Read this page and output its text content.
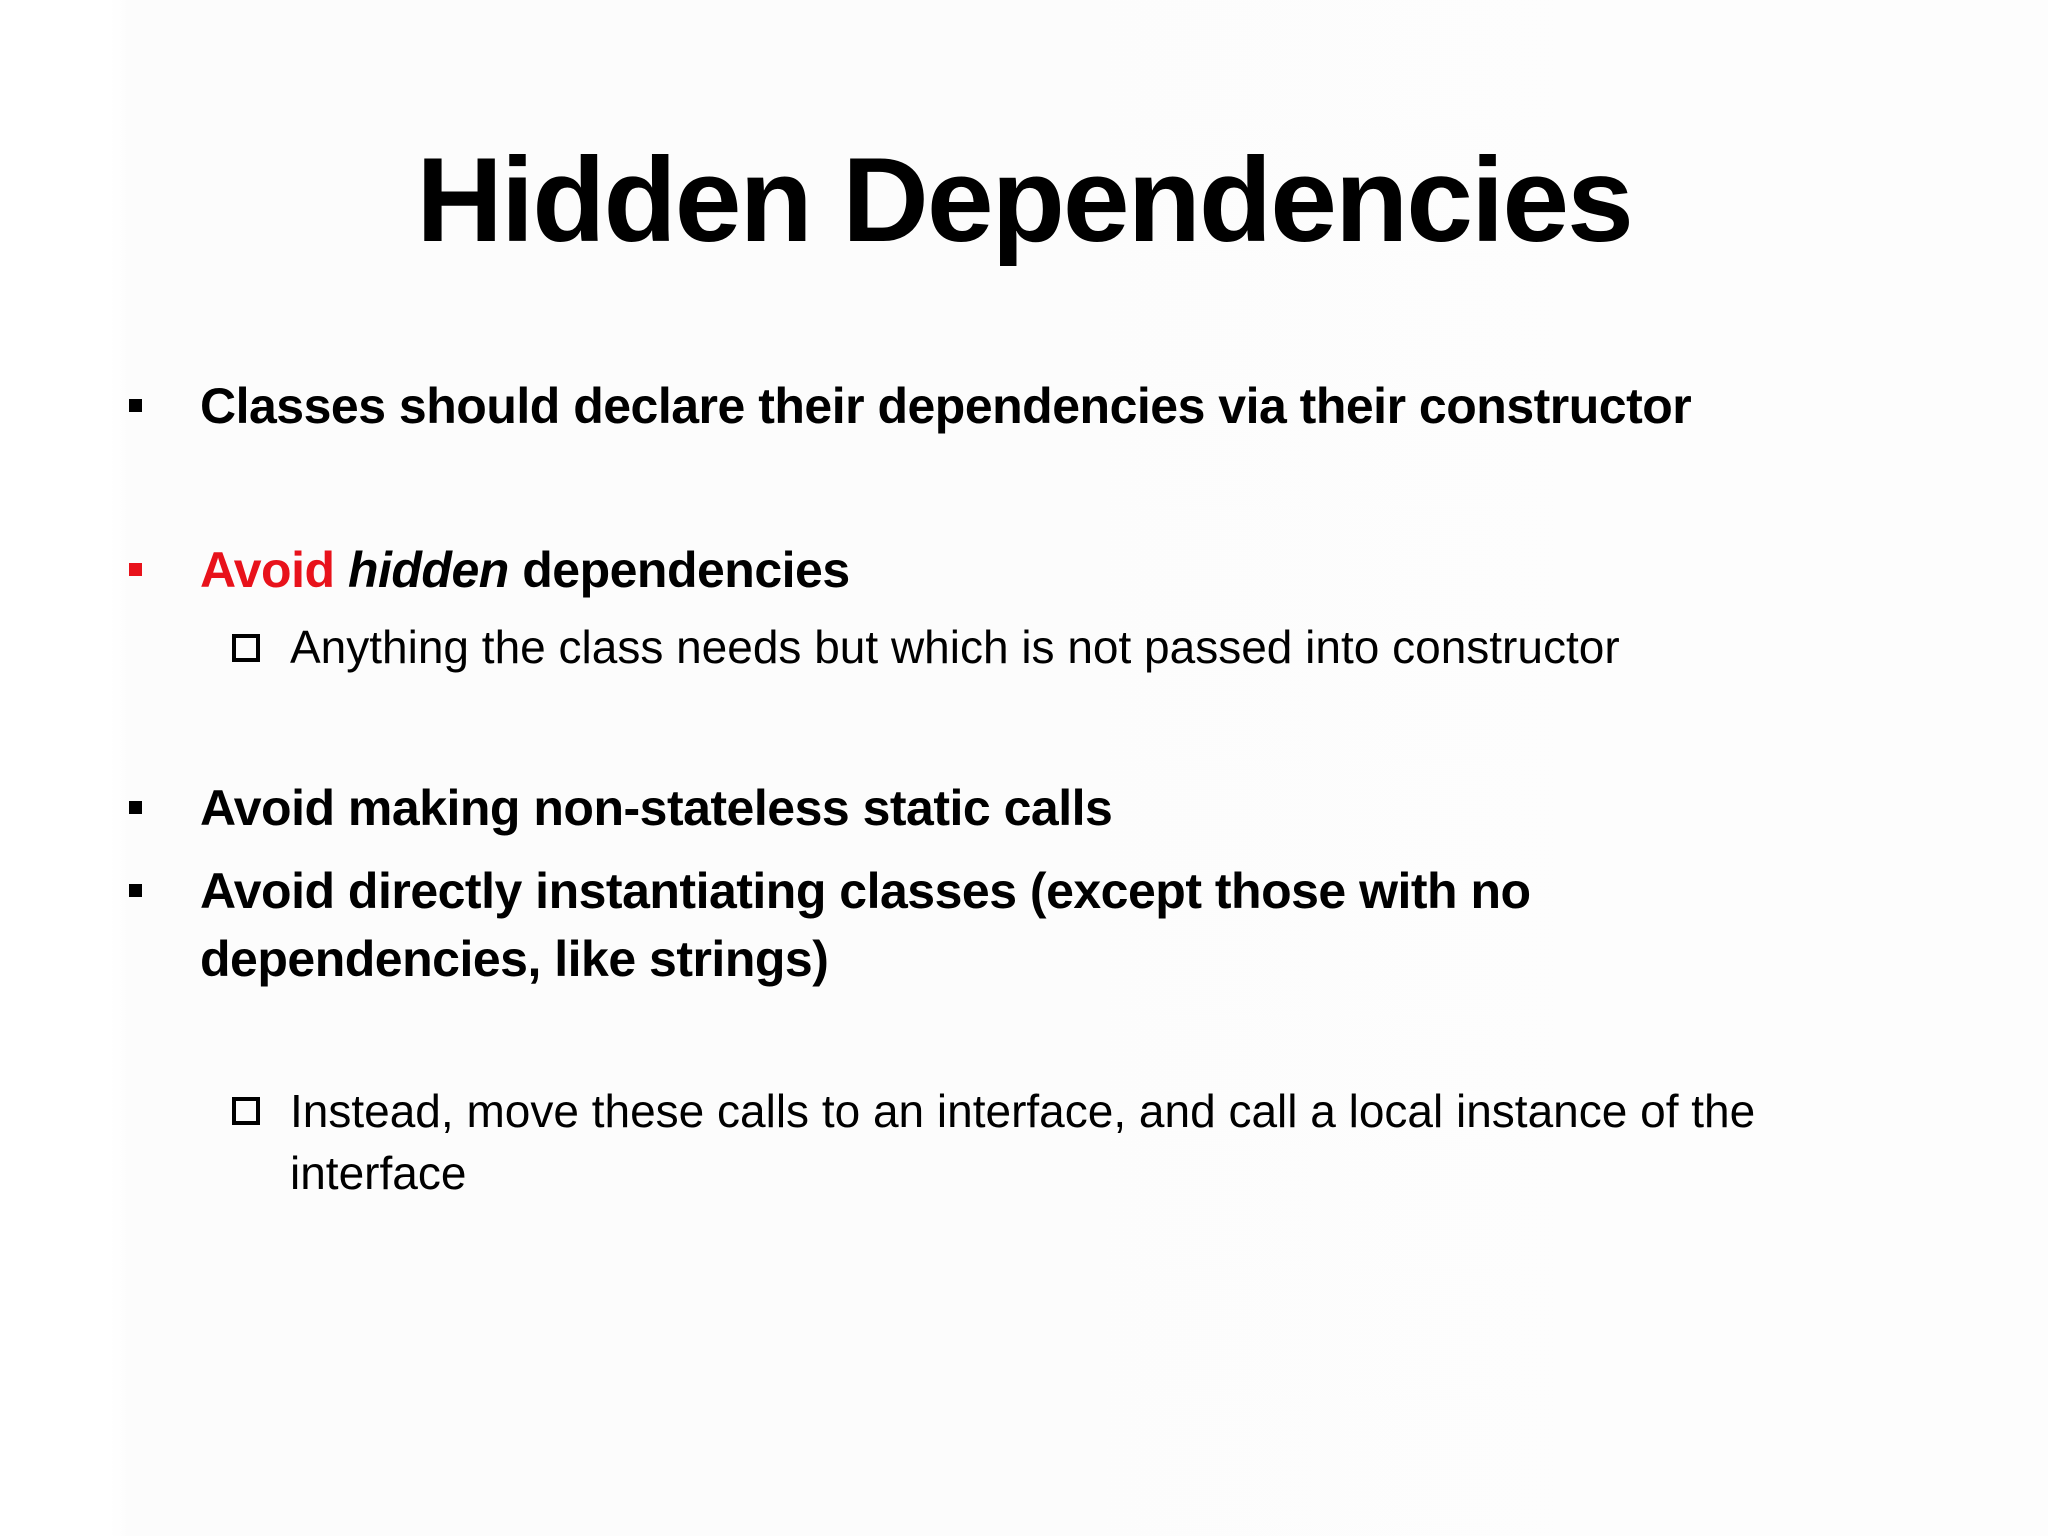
Hidden Dependencies
Classes should declare their dependencies via their constructor
Avoid hidden dependencies
Anything the class needs but which is not passed into constructor
Avoid making non-stateless static calls
Avoid directly instantiating classes (except those with no dependencies, like strings)
Instead, move these calls to an interface, and call a local instance of the interface
